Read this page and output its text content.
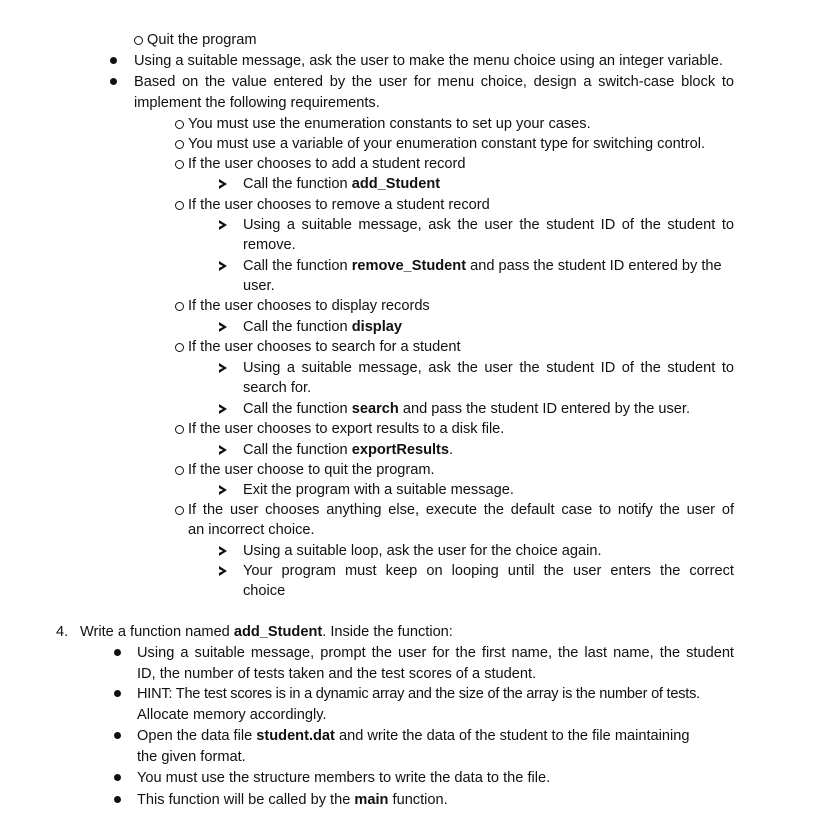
Quit the program
Using a suitable message, ask the user to make the menu choice using an integer variable.
Based on the value entered by the user for menu choice, design a switch-case block to
implement the following requirements.
You must use the enumeration constants to set up your cases.
You must use a variable of your enumeration constant type for switching control.
If the user chooses to add a student record
Call the function add_Student
If the user chooses to remove a student record
Using a suitable message, ask the user the student ID of the student to
remove.
Call the function remove_Student and pass the student ID entered by the
user.
If the user chooses to display records
Call the function display
If the user chooses to search for a student
Using a suitable message, ask the user the student ID of the student to
search for.
Call the function search and pass the student ID entered by the user.
If the user chooses to export results to a disk file.
Call the function exportResults.
If the user choose to quit the program.
Exit the program with a suitable message.
If the user chooses anything else, execute the default case to notify the user of
an incorrect choice.
Using a suitable loop, ask the user for the choice again.
Your program must keep on looping until the user enters the correct
choice
4. Write a function named add_Student. Inside the function:
Using a suitable message, prompt the user for the first name, the last name, the student
ID, the number of tests taken and the test scores of a student.
HINT: The test scores is in a dynamic array and the size of the array is the number of tests.
Allocate memory accordingly.
Open the data file student.dat and write the data of the student to the file maintaining
the given format.
You must use the structure members to write the data to the file.
This function will be called by the main function.
